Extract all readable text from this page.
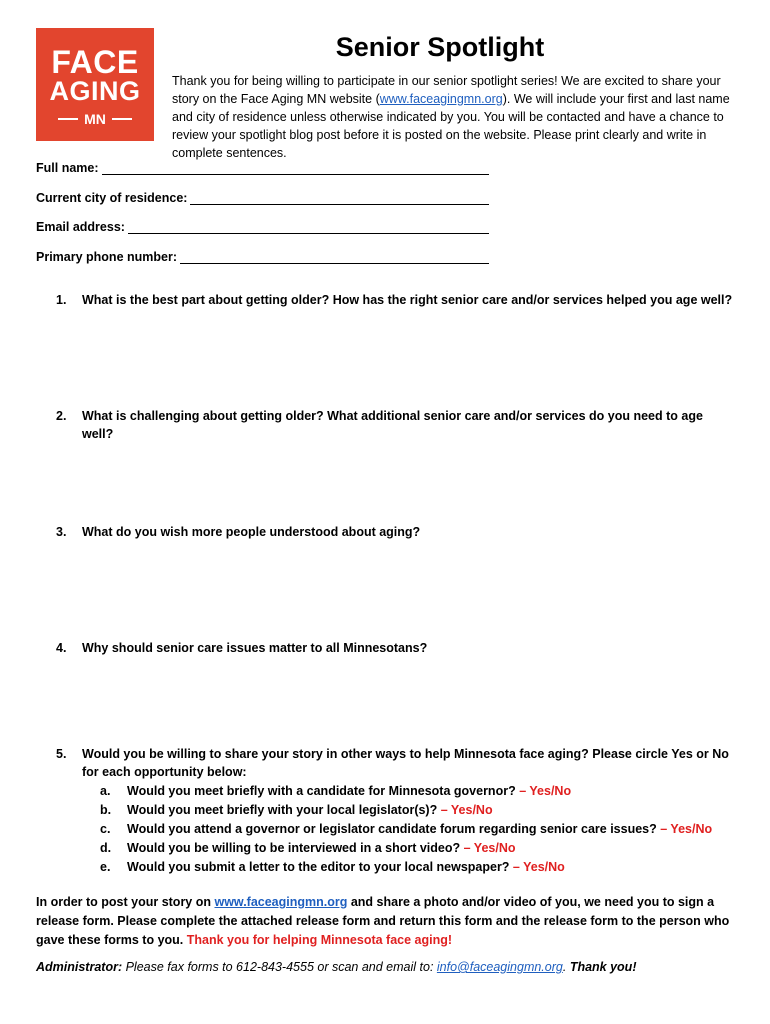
FACE
AGING
MN
Senior Spotlight

Thank you for being willing to participate in our senior spotlight series! We are excited to share your story on the Face Aging MN website (www.faceagingmn.org). We will include your first and last name and city of residence unless otherwise indicated by you. You will be contacted and have a chance to review your spotlight blog post before it is posted on the website. Please print clearly and write in complete sentences.

Full name:
Current city of residence:
Email address:
Primary phone number:
1.	What is the best part about getting older? How has the right senior care and/or services helped you age well?
2.	What is challenging about getting older? What additional senior care and/or services do you need to age well?
3.	What do you wish more people understood about aging?
4.	Why should senior care issues matter to all Minnesotans?
5.	Would you be willing to share your story in other ways to help Minnesota face aging? Please circle Yes or No for each opportunity below:
a.	Would you meet briefly with a candidate for Minnesota governor? – Yes/No
b.	Would you meet briefly with your local legislator(s)? – Yes/No
c.	Would you attend a governor or legislator candidate forum regarding senior care issues? – Yes/No
d.	Would you be willing to be interviewed in a short video? – Yes/No
e.	Would you submit a letter to the editor to your local newspaper? – Yes/No

In order to post your story on www.faceagingmn.org and share a photo and/or video of you, we need you to sign a release form. Please complete the attached release form and return this form and the release form to the person who gave these forms to you. Thank you for helping Minnesota face aging!

Administrator: Please fax forms to 612-843-4555 or scan and email to: info@faceagingmn.org. Thank you!
